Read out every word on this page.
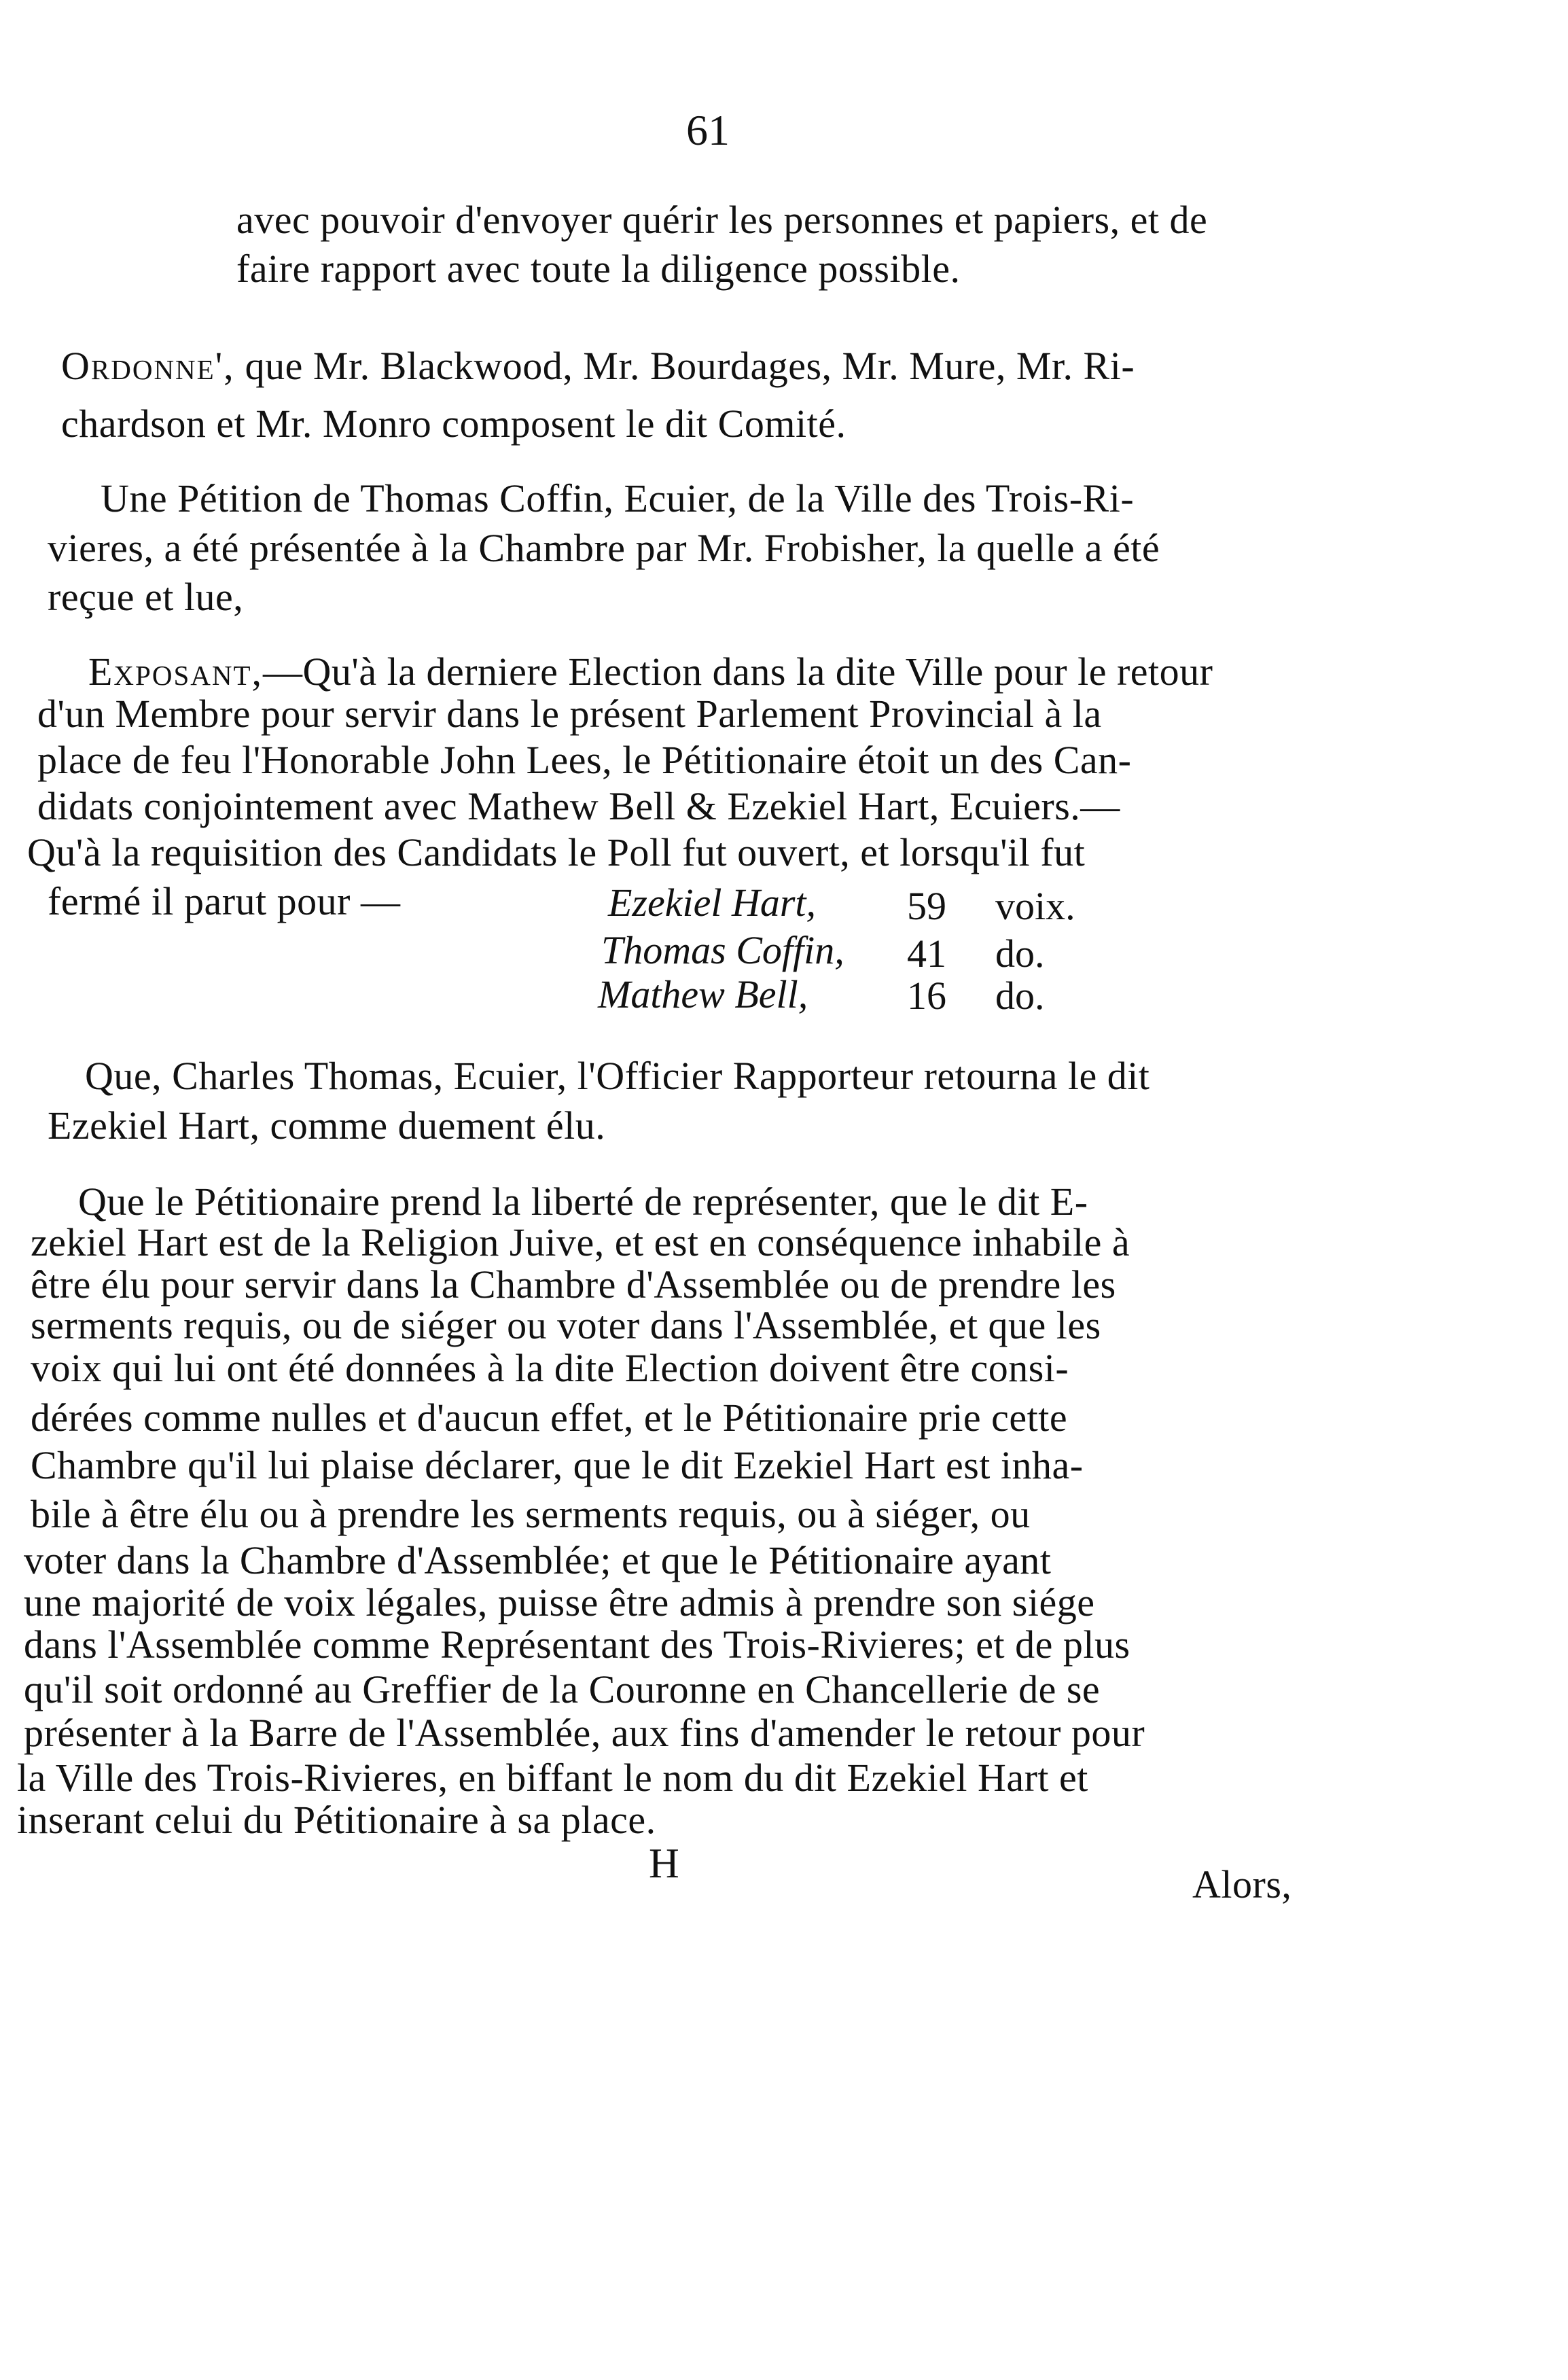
61
avec pouvoir d'envoyer quérir les personnes et papiers, et de
faire rapport avec toute la diligence possible.
Ordonne', que Mr. Blackwood, Mr. Bourdages, Mr. Mure, Mr. Ri-
chardson et Mr. Monro composent le dit Comité.
Une Pétition de Thomas Coffin, Ecuier, de la Ville des Trois-Ri-
vieres, a été présentée à la Chambre par Mr. Frobisher, la quelle a été
reçue et lue,
Exposant,—Qu'à la derniere Election dans la dite Ville pour le retour
d'un Membre pour servir dans le présent Parlement Provincial à la
place de feu l'Honorable John Lees, le Pétitionaire étoit un des Can-
didats conjointement avec Mathew Bell & Ezekiel Hart, Ecuiers.—
Qu'à la requisition des Candidats le Poll fut ouvert, et lorsqu'il fut
fermé il parut pour —	Ezekiel Hart, 59 voix.
Thomas Coffin, 41 do.
Mathew Bell,	16 do.
Que, Charles Thomas, Ecuier, l'Officier Rapporteur retourna le dit
Ezekiel Hart, comme duement élu.
Que le Pétitionaire prend la liberté de représenter, que le dit E-
zekiel Hart est de la Religion Juive, et est en conséquence inhabile à
être élu pour servir dans la Chambre d'Assemblée ou de prendre les
serments requis, ou de siéger ou voter dans l'Assemblée, et que les
voix qui lui ont été données à la dite Election doivent être consi-
dérées comme nulles et d'aucun effet, et le Pétitionaire prie cette
Chambre qu'il lui plaise déclarer, que le dit Ezekiel Hart est inha-
bile à être élu ou à prendre les serments requis, ou à siéger, ou
voter dans la Chambre d'Assemblée; et que le Pétitionaire ayant
une majorité de voix légales, puisse être admis à prendre son siége
dans l'Assemblée comme Représentant des Trois-Rivieres; et de plus
qu'il soit ordonné au Greffier de la Couronne en Chancellerie de se
présenter à la Barre de l'Assemblée, aux fins d'amender le retour pour
la Ville des Trois-Rivieres, en biffant le nom du dit Ezekiel Hart et
inserant celui du Pétitionaire à sa place.
H	Alors,
